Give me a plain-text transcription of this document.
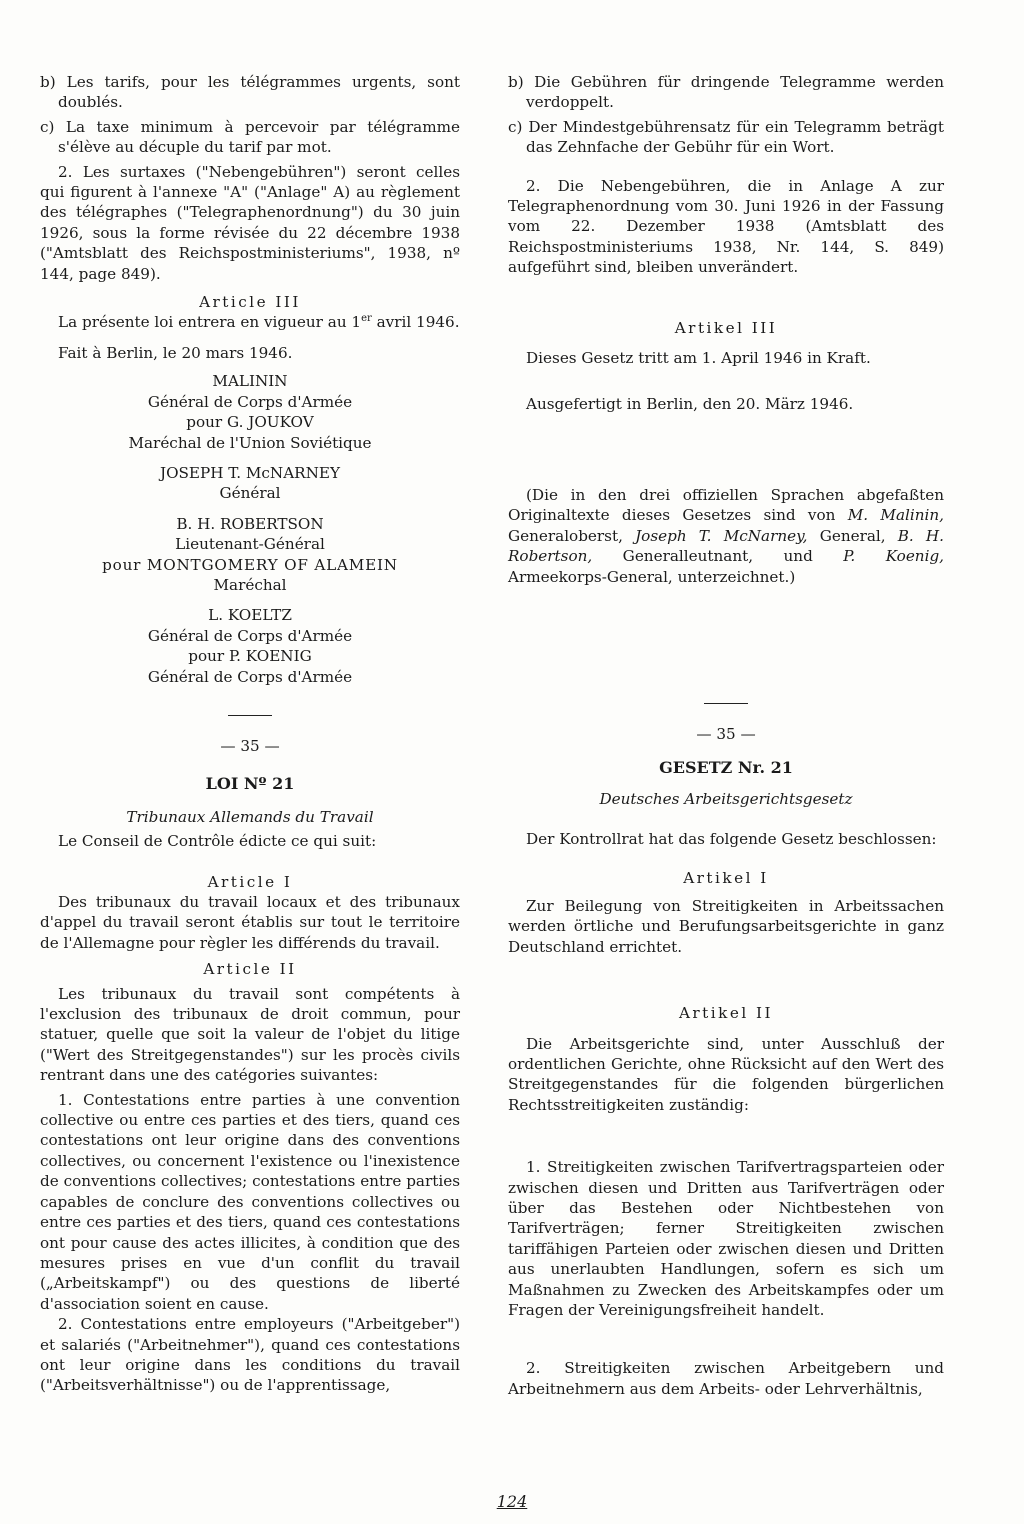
b) Les tarifs, pour les télégrammes urgents, sont doublés.

c) La taxe minimum à percevoir par télégramme s'élève au décuple du tarif par mot.

2. Les surtaxes ("Nebengebühren") seront celles qui figurent à l'annexe "A" ("Anlage" A) au règlement des télégraphes ("Telegraphenordnung") du 30 juin 1926, sous la forme révisée du 22 décembre 1938 ("Amtsblatt des Reichspostministeriums", 1938, nº 144, page 849).

Article III

La présente loi entrera en vigueur au 1er avril 1946.

Fait à Berlin, le 20 mars 1946.

MALININ

Général de Corps d'Armée

pour G. JOUKOV

Maréchal de l'Union Soviétique

JOSEPH T. McNARNEY

Général

B. H. ROBERTSON

Lieutenant-Général

pour MONTGOMERY OF ALAMEIN

Maréchal

L. KOELTZ

Général de Corps d'Armée

pour P. KOENIG

Général de Corps d'Armée

— 35 —

LOI Nº 21

Tribunaux Allemands du Travail

Le Conseil de Contrôle édicte ce qui suit:

Article I

Des tribunaux du travail locaux et des tribunaux d'appel du travail seront établis sur tout le territoire de l'Allemagne pour règler les différends du travail.

Article II

Les tribunaux du travail sont compétents à l'exclusion des tribunaux de droit commun, pour statuer, quelle que soit la valeur de l'objet du litige ("Wert des Streitgegenstandes") sur les procès civils rentrant dans une des catégories suivantes:

1. Contestations entre parties à une convention collective ou entre ces parties et des tiers, quand ces contestations ont leur origine dans des conventions collectives, ou concernent l'existence ou l'inexistence de conventions collectives; contestations entre parties capables de conclure des conventions collectives ou entre ces parties et des tiers, quand ces contestations ont pour cause des actes illicites, à condition que des mesures prises en vue d'un conflit du travail („Arbeitskampf") ou des questions de liberté d'association soient en cause.

2. Contestations entre employeurs ("Arbeitgeber") et salariés ("Arbeitnehmer"), quand ces contestations ont leur origine dans les conditions du travail ("Arbeitsverhältnisse") ou de l'apprentissage,

b) Die Gebühren für dringende Telegramme werden verdoppelt.

c) Der Mindestgebührensatz für ein Telegramm beträgt das Zehnfache der Gebühr für ein Wort.

2. Die Nebengebühren, die in Anlage A zur Telegraphenordnung vom 30. Juni 1926 in der Fassung vom 22. Dezember 1938 (Amtsblatt des Reichspostministeriums 1938, Nr. 144, S. 849) aufgeführt sind, bleiben unverändert.

Artikel III

Dieses Gesetz tritt am 1. April 1946 in Kraft.

Ausgefertigt in Berlin, den 20. März 1946.

(Die in den drei offiziellen Sprachen abgefaßten Originaltexte dieses Gesetzes sind von M. Malinin, Generaloberst, Joseph T. McNarney, General, B. H. Robertson, Generalleutnant, und P. Koenig, Armeekorps-General, unterzeichnet.)

— 35 —

GESETZ Nr. 21

Deutsches Arbeitsgerichtsgesetz

Der Kontrollrat hat das folgende Gesetz beschlossen:

Artikel I

Zur Beilegung von Streitigkeiten in Arbeitssachen werden örtliche und Berufungsarbeitsgerichte in ganz Deutschland errichtet.

Artikel II

Die Arbeitsgerichte sind, unter Ausschluß der ordentlichen Gerichte, ohne Rücksicht auf den Wert des Streitgegenstandes für die folgenden bürgerlichen Rechtsstreitigkeiten zuständig:

1. Streitigkeiten zwischen Tarifvertragsparteien oder zwischen diesen und Dritten aus Tarifverträgen oder über das Bestehen oder Nichtbestehen von Tarifverträgen; ferner Streitigkeiten zwischen tariffähigen Parteien oder zwischen diesen und Dritten aus unerlaubten Handlungen, sofern es sich um Maßnahmen zu Zwecken des Arbeitskampfes oder um Fragen der Vereinigungsfreiheit handelt.

2. Streitigkeiten zwischen Arbeitgebern und Arbeitnehmern aus dem Arbeits- oder Lehrverhältnis,

124
